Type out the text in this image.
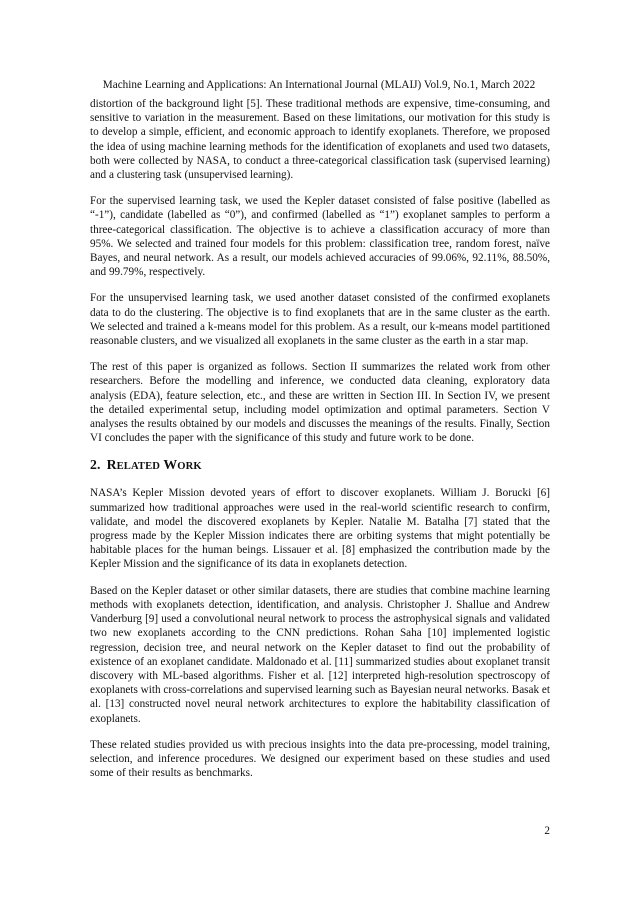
Machine Learning and Applications: An International Journal (MLAIJ) Vol.9, No.1, March 2022

distortion of the background light [5]. These traditional methods are expensive, time-consuming, and sensitive to variation in the measurement. Based on these limitations, our motivation for this study is to develop a simple, efficient, and economic approach to identify exoplanets. Therefore, we proposed the idea of using machine learning methods for the identification of exoplanets and used two datasets, both were collected by NASA, to conduct a three-categorical classification task (supervised learning) and a clustering task (unsupervised learning).

For the supervised learning task, we used the Kepler dataset consisted of false positive (labelled as “-1”), candidate (labelled as “0”), and confirmed (labelled as “1”) exoplanet samples to perform a three-categorical classification. The objective is to achieve a classification accuracy of more than 95%. We selected and trained four models for this problem: classification tree, random forest, naïve Bayes, and neural network. As a result, our models achieved accuracies of 99.06%, 92.11%, 88.50%, and 99.79%, respectively.

For the unsupervised learning task, we used another dataset consisted of the confirmed exoplanets data to do the clustering. The objective is to find exoplanets that are in the same cluster as the earth. We selected and trained a k-means model for this problem. As a result, our k-means model partitioned reasonable clusters, and we visualized all exoplanets in the same cluster as the earth in a star map.

The rest of this paper is organized as follows. Section II summarizes the related work from other researchers. Before the modelling and inference, we conducted data cleaning, exploratory data analysis (EDA), feature selection, etc., and these are written in Section III. In Section IV, we present the detailed experimental setup, including model optimization and optimal parameters. Section V analyses the results obtained by our models and discusses the meanings of the results. Finally, Section VI concludes the paper with the significance of this study and future work to be done.

2. RELATED WORK

NASA’s Kepler Mission devoted years of effort to discover exoplanets. William J. Borucki [6] summarized how traditional approaches were used in the real-world scientific research to confirm, validate, and model the discovered exoplanets by Kepler. Natalie M. Batalha [7] stated that the progress made by the Kepler Mission indicates there are orbiting systems that might potentially be habitable places for the human beings. Lissauer et al. [8] emphasized the contribution made by the Kepler Mission and the significance of its data in exoplanets detection.

Based on the Kepler dataset or other similar datasets, there are studies that combine machine learning methods with exoplanets detection, identification, and analysis. Christopher J. Shallue and Andrew Vanderburg [9] used a convolutional neural network to process the astrophysical signals and validated two new exoplanets according to the CNN predictions. Rohan Saha [10] implemented logistic regression, decision tree, and neural network on the Kepler dataset to find out the probability of existence of an exoplanet candidate. Maldonado et al. [11] summarized studies about exoplanet transit discovery with ML-based algorithms. Fisher et al. [12] interpreted high-resolution spectroscopy of exoplanets with cross-correlations and supervised learning such as Bayesian neural networks. Basak et al. [13] constructed novel neural network architectures to explore the habitability classification of exoplanets.

These related studies provided us with precious insights into the data pre-processing, model training, selection, and inference procedures. We designed our experiment based on these studies and used some of their results as benchmarks.

2
